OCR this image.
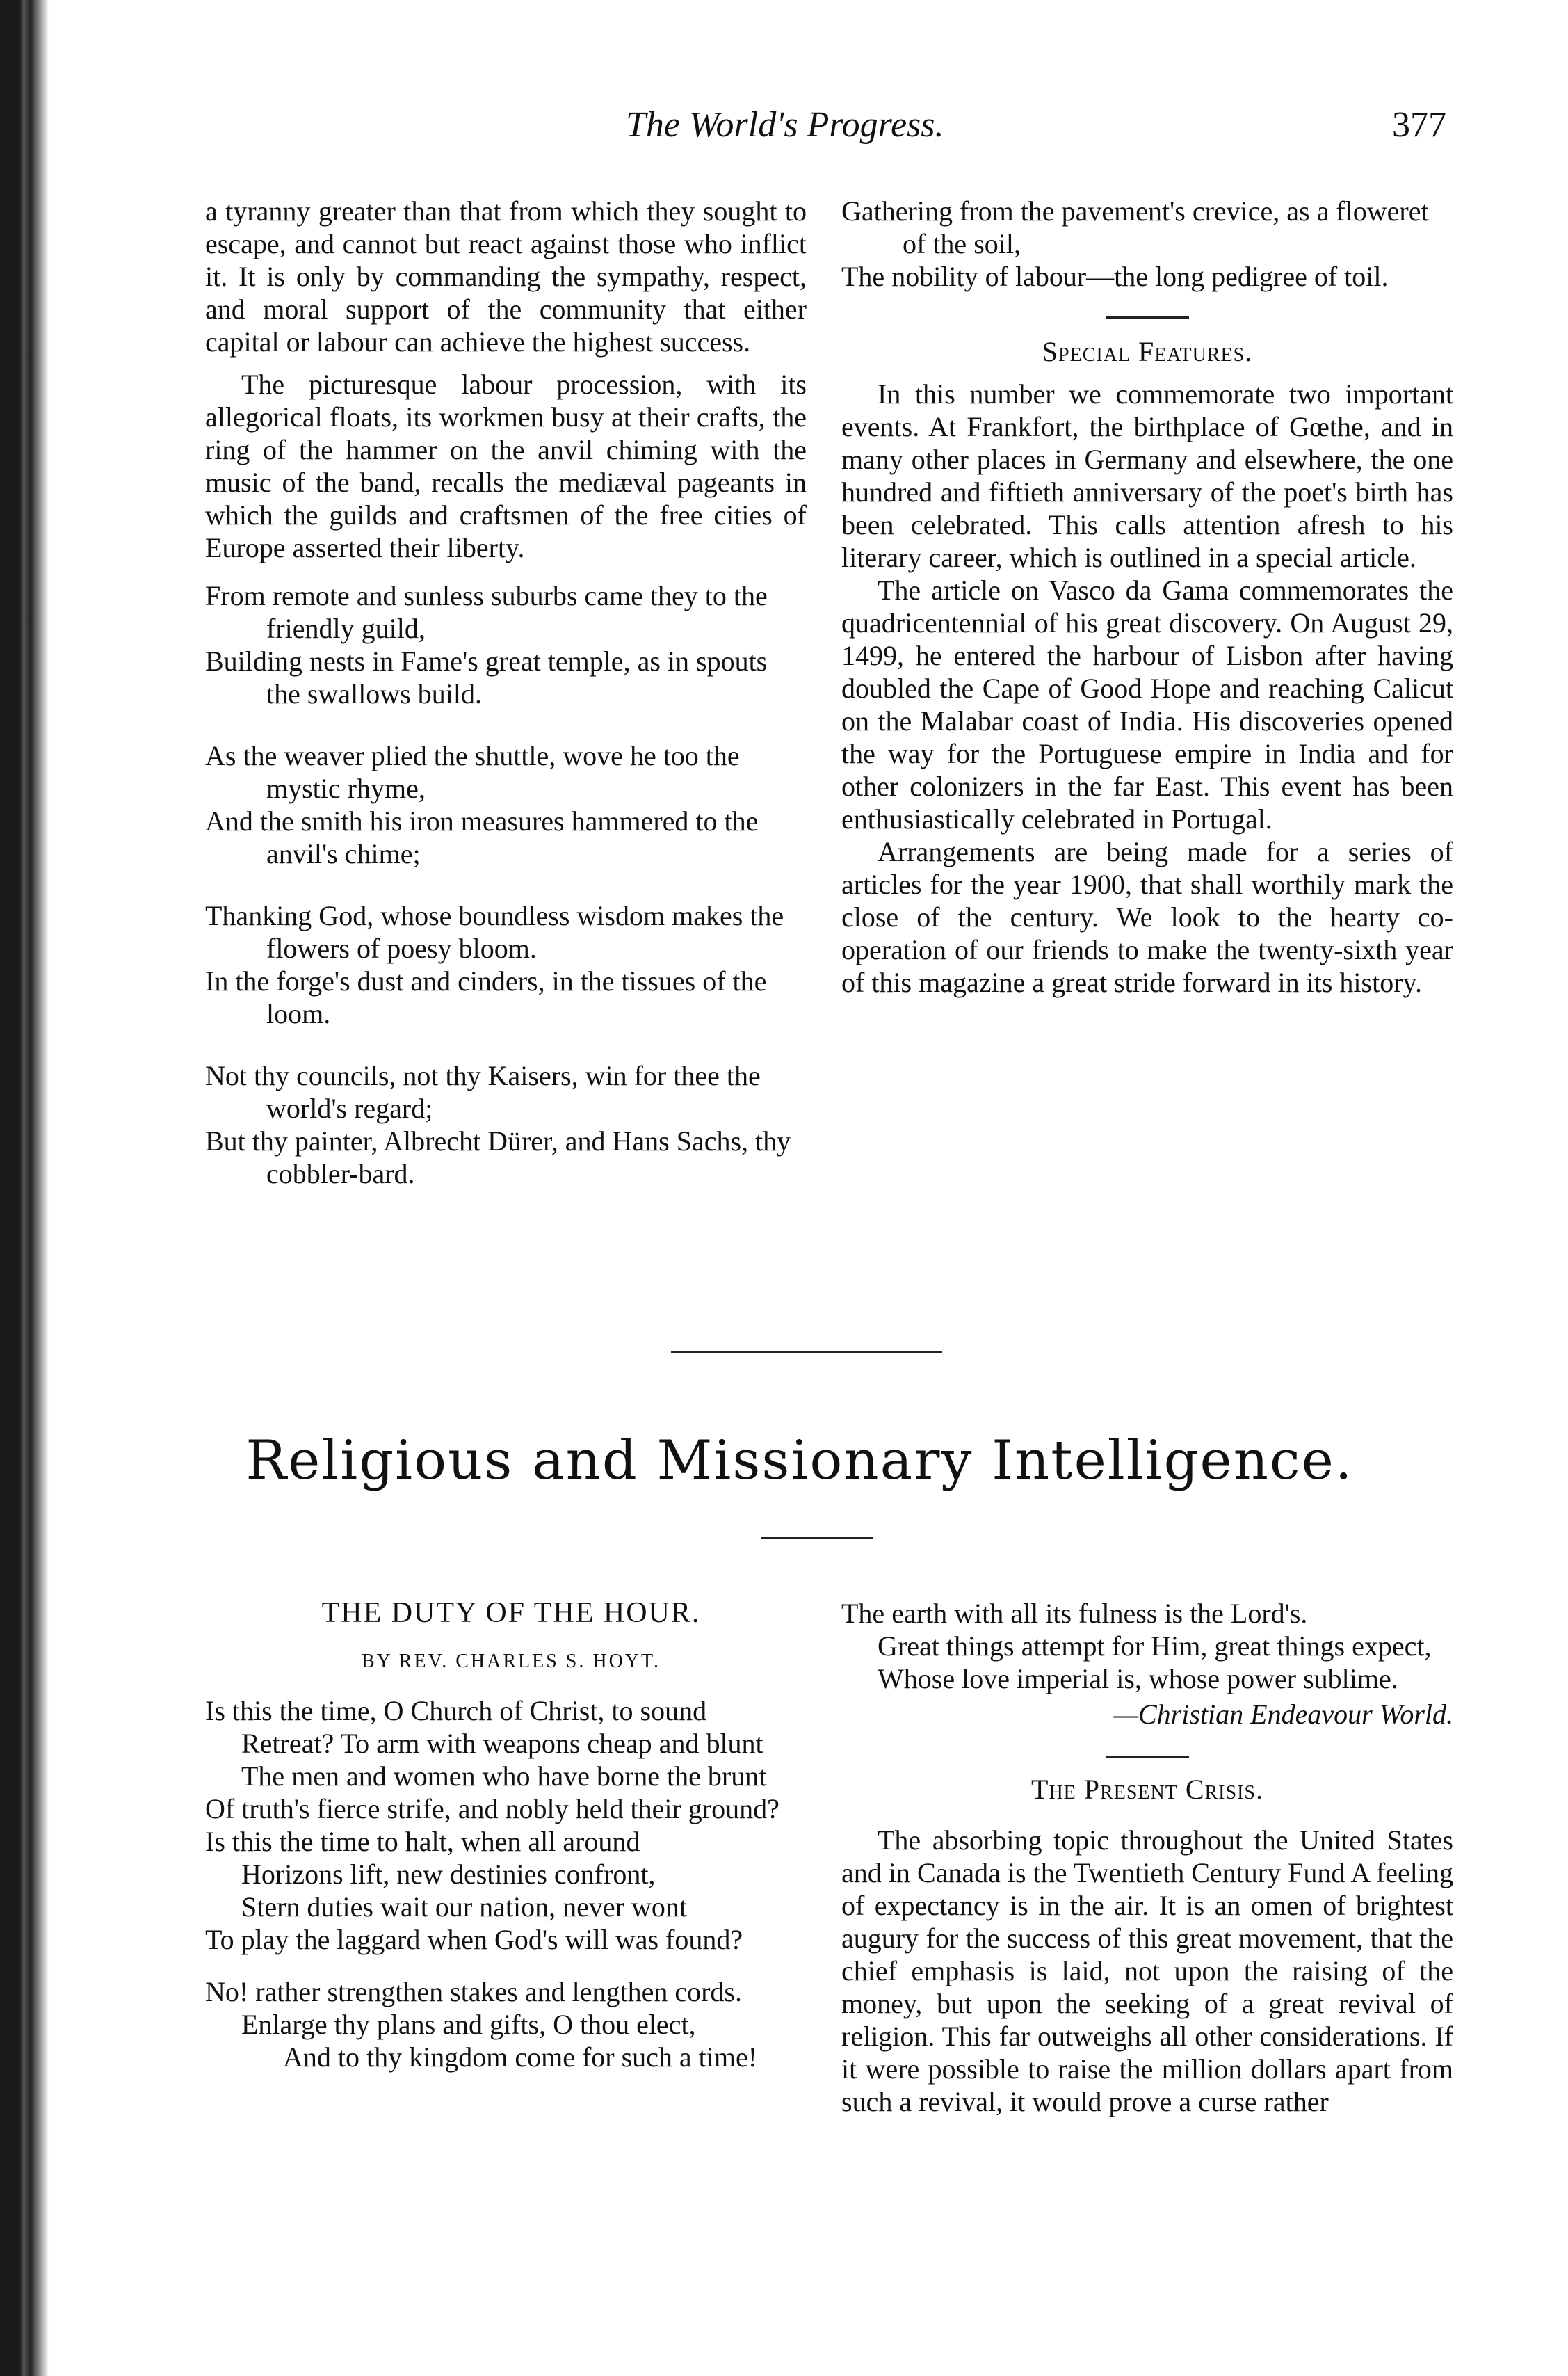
The World's Progress.	377

a tyranny greater than that from which they sought to escape, and cannot but react against those who inflict it. It is only by commanding the sympathy, respect, and moral support of the community that either capital or labour can achieve the highest success.

The picturesque labour procession, with its allegorical floats, its workmen busy at their crafts, the ring of the hammer on the anvil chiming with the music of the band, recalls the mediæval pageants in which the guilds and craftsmen of the free cities of Europe asserted their liberty.

From remote and sunless suburbs came they to the friendly guild,
Building nests in Fame's great temple, as in spouts the swallows build.
As the weaver plied the shuttle, wove he too the mystic rhyme,
And the smith his iron measures hammered to the anvil's chime;
Thanking God, whose boundless wisdom makes the flowers of poesy bloom.
In the forge's dust and cinders, in the tissues of the loom.
Not thy councils, not thy Kaisers, win for thee the world's regard;
But thy painter, Albrecht Dürer, and Hans Sachs, thy cobbler-bard.
Gathering from the pavement's crevice, as a floweret of the soil,
The nobility of labour—the long pedigree of toil.
Special Features.

In this number we commemorate two important events. At Frankfort, the birthplace of Gœthe, and in many other places in Germany and elsewhere, the one hundred and fiftieth anniversary of the poet's birth has been celebrated. This calls attention afresh to his literary career, which is outlined in a special article.

The article on Vasco da Gama commemorates the quadricentennial of his great discovery. On August 29, 1499, he entered the harbour of Lisbon after having doubled the Cape of Good Hope and reaching Calicut on the Malabar coast of India. His discoveries opened the way for the Portuguese empire in India and for other colonizers in the far East. This event has been enthusiastically celebrated in Portugal.

Arrangements are being made for a series of articles for the year 1900, that shall worthily mark the close of the century. We look to the hearty co-operation of our friends to make the twenty-sixth year of this magazine a great stride forward in its history.

Religious and Missionary Intelligence.
THE DUTY OF THE HOUR.
BY REV. CHARLES S. HOYT.
Is this the time, O Church of Christ, to sound
Retreat? To arm with weapons cheap and blunt
The men and women who have borne the brunt
Of truth's fierce strife, and nobly held their ground?
Is this the time to halt, when all around
Horizons lift, new destinies confront,
Stern duties wait our nation, never wont
To play the laggard when God's will was found?
No! rather strengthen stakes and lengthen cords.
Enlarge thy plans and gifts, O thou elect,
And to thy kingdom come for such a time!
The earth with all its fulness is the Lord's.
Great things attempt for Him, great things expect,
Whose love imperial is, whose power sublime.
—Christian Endeavour World.
The Present Crisis.

The absorbing topic throughout the United States and in Canada is the Twentieth Century Fund A feeling of expectancy is in the air. It is an omen of brightest augury for the success of this great movement, that the chief emphasis is laid, not upon the raising of the money, but upon the seeking of a great revival of religion. This far outweighs all other considerations. If it were possible to raise the million dollars apart from such a revival, it would prove a curse rather
